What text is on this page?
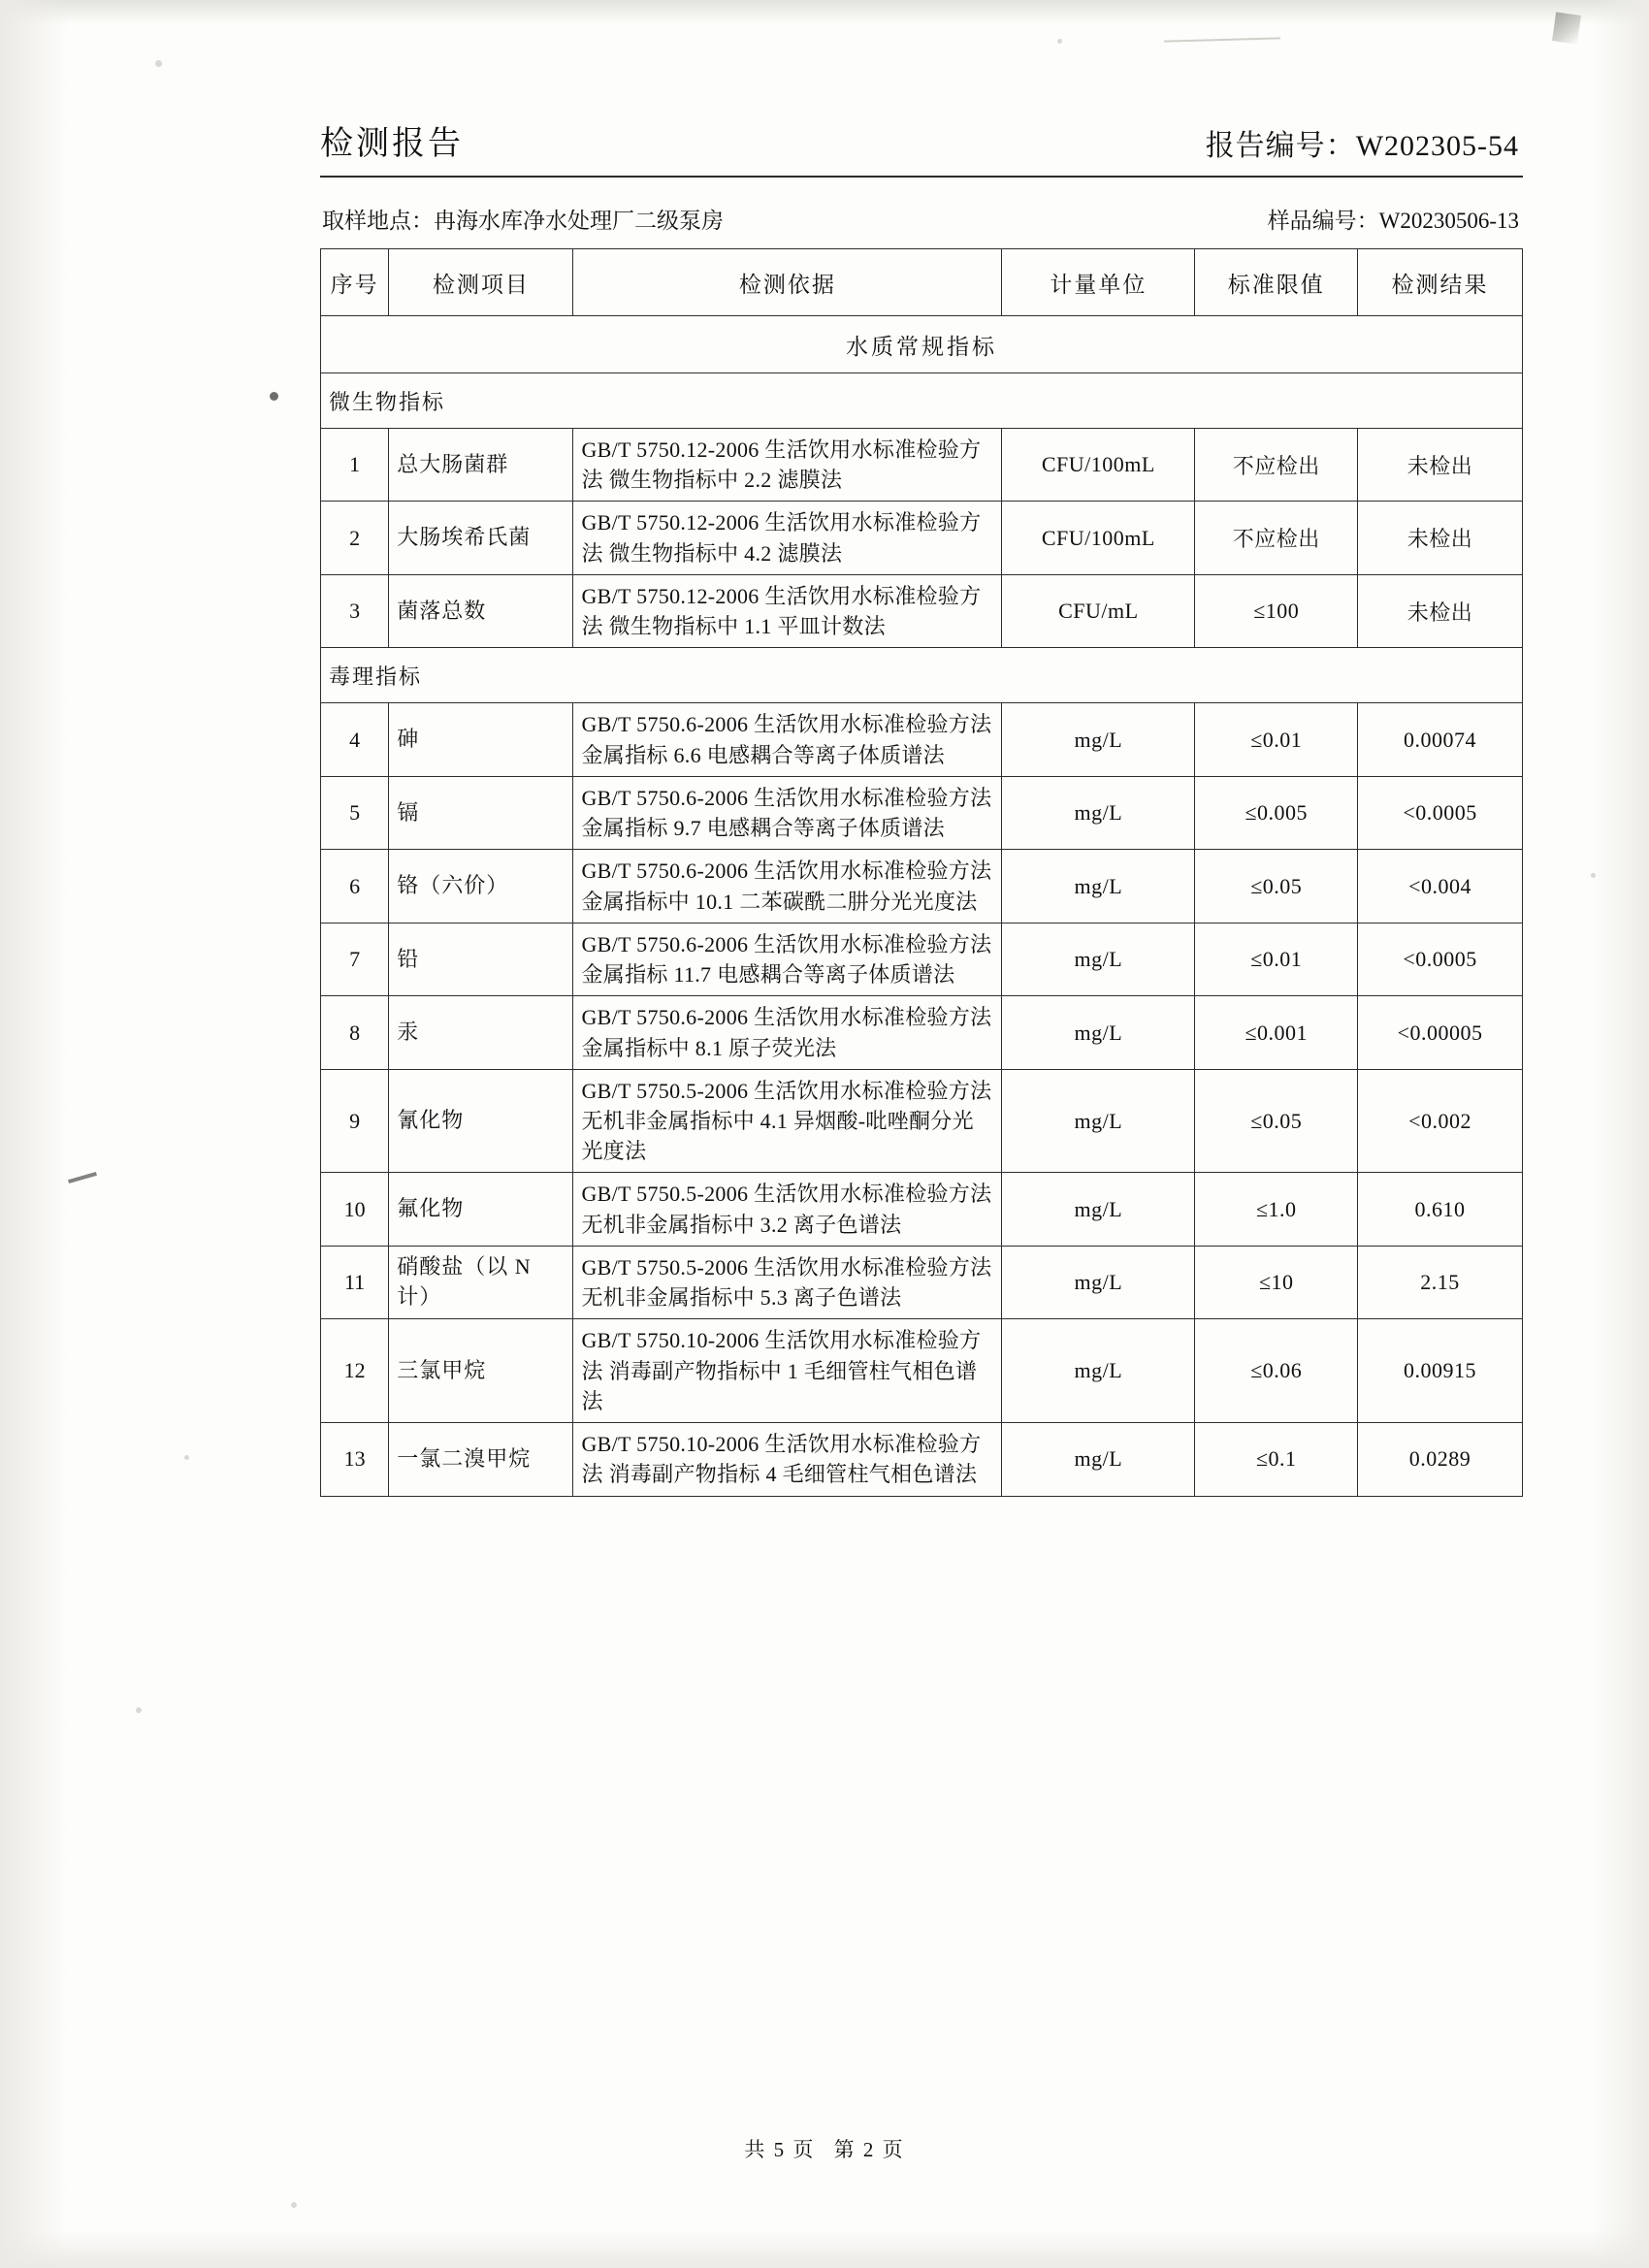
检测报告	报告编号：W202305-54
取样地点：冉海水库净水处理厂二级泵房	样品编号：W20230506-13
序号	检测项目	检测依据	计量单位	标准限值	检测结果
水质常规指标					
微生物指标					
1	总大肠菌群	GB/T 5750.12-2006 生活饮用水标准检验方法 微生物指标中 2.2 滤膜法	CFU/100mL	不应检出	未检出
2	大肠埃希氏菌	GB/T 5750.12-2006 生活饮用水标准检验方法 微生物指标中 4.2 滤膜法	CFU/100mL	不应检出	未检出
3	菌落总数	GB/T 5750.12-2006 生活饮用水标准检验方法 微生物指标中 1.1 平皿计数法	CFU/mL	≤100	未检出
毒理指标					
4	砷	GB/T 5750.6-2006 生活饮用水标准检验方法 金属指标 6.6 电感耦合等离子体质谱法	mg/L	≤0.01	0.00074
5	镉	GB/T 5750.6-2006 生活饮用水标准检验方法 金属指标 9.7 电感耦合等离子体质谱法	mg/L	≤0.005	<0.0005
6	铬（六价）	GB/T 5750.6-2006 生活饮用水标准检验方法 金属指标中 10.1 二苯碳酰二肼分光光度法	mg/L	≤0.05	<0.004
7	铅	GB/T 5750.6-2006 生活饮用水标准检验方法 金属指标 11.7 电感耦合等离子体质谱法	mg/L	≤0.01	<0.0005
8	汞	GB/T 5750.6-2006 生活饮用水标准检验方法 金属指标中 8.1 原子荧光法	mg/L	≤0.001	<0.00005
9	氰化物	GB/T 5750.5-2006 生活饮用水标准检验方法 无机非金属指标中 4.1 异烟酸-吡唑酮分光光度法	mg/L	≤0.05	<0.002
10	氟化物	GB/T 5750.5-2006 生活饮用水标准检验方法 无机非金属指标中 3.2 离子色谱法	mg/L	≤1.0	0.610
11	硝酸盐（以 N 计）	GB/T 5750.5-2006 生活饮用水标准检验方法 无机非金属指标中 5.3 离子色谱法	mg/L	≤10	2.15
12	三氯甲烷	GB/T 5750.10-2006 生活饮用水标准检验方法 消毒副产物指标中 1 毛细管柱气相色谱法	mg/L	≤0.06	0.00915
13	一氯二溴甲烷	GB/T 5750.10-2006 生活饮用水标准检验方法 消毒副产物指标 4 毛细管柱气相色谱法	mg/L	≤0.1	0.0289
共 5 页 第 2 页
